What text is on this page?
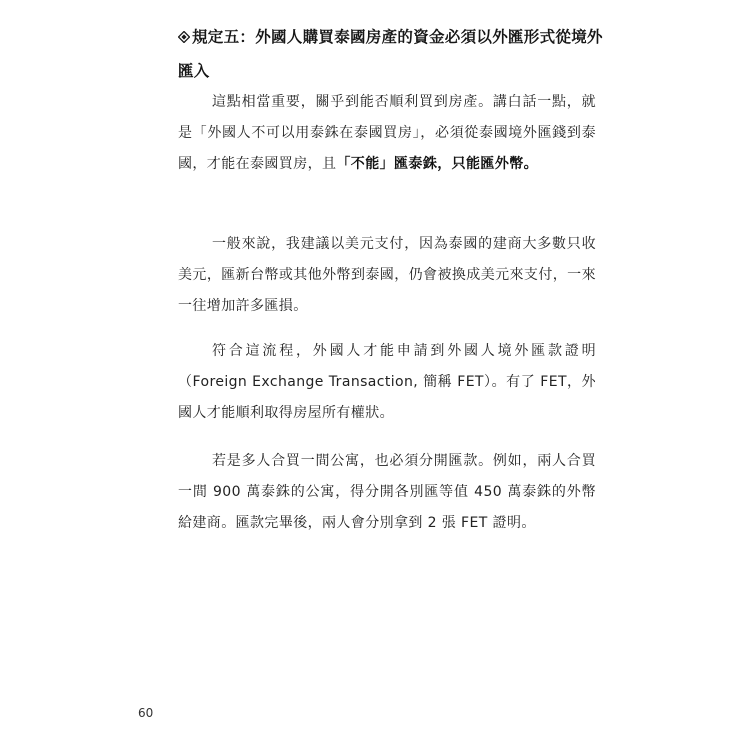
規定五：外國人購買泰國房產的資金必須以外匯形式從境外匯入

這點相當重要，關乎到能否順利買到房產。講白話一點，就是「外國人不可以用泰銖在泰國買房」，必須從泰國境外匯錢到泰國，才能在泰國買房，且「不能」匯泰銖，只能匯外幣。

一般來說，我建議以美元支付，因為泰國的建商大多數只收美元，匯新台幣或其他外幣到泰國，仍會被換成美元來支付，一來一往增加許多匯損。

符合這流程，外國人才能申請到外國人境外匯款證明（Foreign Exchange Transaction, 簡稱 FET）。有了 FET，外國人才能順利取得房屋所有權狀。

若是多人合買一間公寓，也必須分開匯款。例如，兩人合買一間 900 萬泰銖的公寓，得分開各別匯等值 450 萬泰銖的外幣給建商。匯款完畢後，兩人會分別拿到 2 張 FET 證明。

60
